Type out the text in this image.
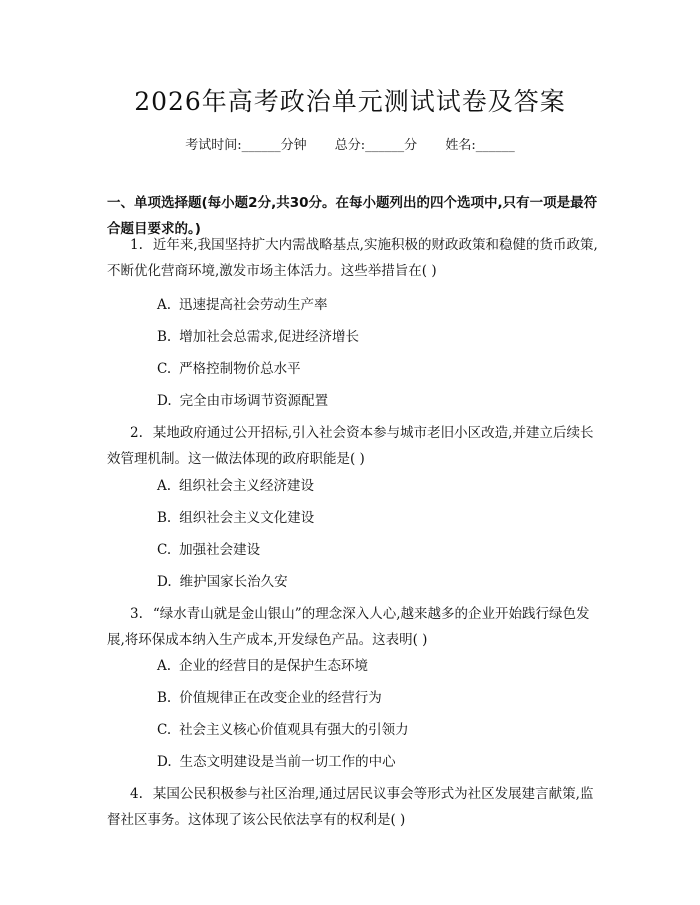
2026年高考政治单元测试试卷及答案
考试时间:______分钟 总分:______分 姓名:______
一、单项选择题(每小题2分,共30分。在每小题列出的四个选项中,只有一项是最符合题目要求的。)
1. 近年来,我国坚持扩大内需战略基点,实施积极的财政政策和稳健的货币政策,不断优化营商环境,激发市场主体活力。这些举措旨在( )
A. 迅速提高社会劳动生产率
B. 增加社会总需求,促进经济增长
C. 严格控制物价总水平
D. 完全由市场调节资源配置
2. 某地政府通过公开招标,引入社会资本参与城市老旧小区改造,并建立后续长效管理机制。这一做法体现的政府职能是( )
A. 组织社会主义经济建设
B. 组织社会主义文化建设
C. 加强社会建设
D. 维护国家长治久安
3. “绿水青山就是金山银山”的理念深入人心,越来越多的企业开始践行绿色发展,将环保成本纳入生产成本,开发绿色产品。这表明( )
A. 企业的经营目的是保护生态环境
B. 价值规律正在改变企业的经营行为
C. 社会主义核心价值观具有强大的引领力
D. 生态文明建设是当前一切工作的中心
4. 某国公民积极参与社区治理,通过居民议事会等形式为社区发展建言献策,监督社区事务。这体现了该公民依法享有的权利是( )
